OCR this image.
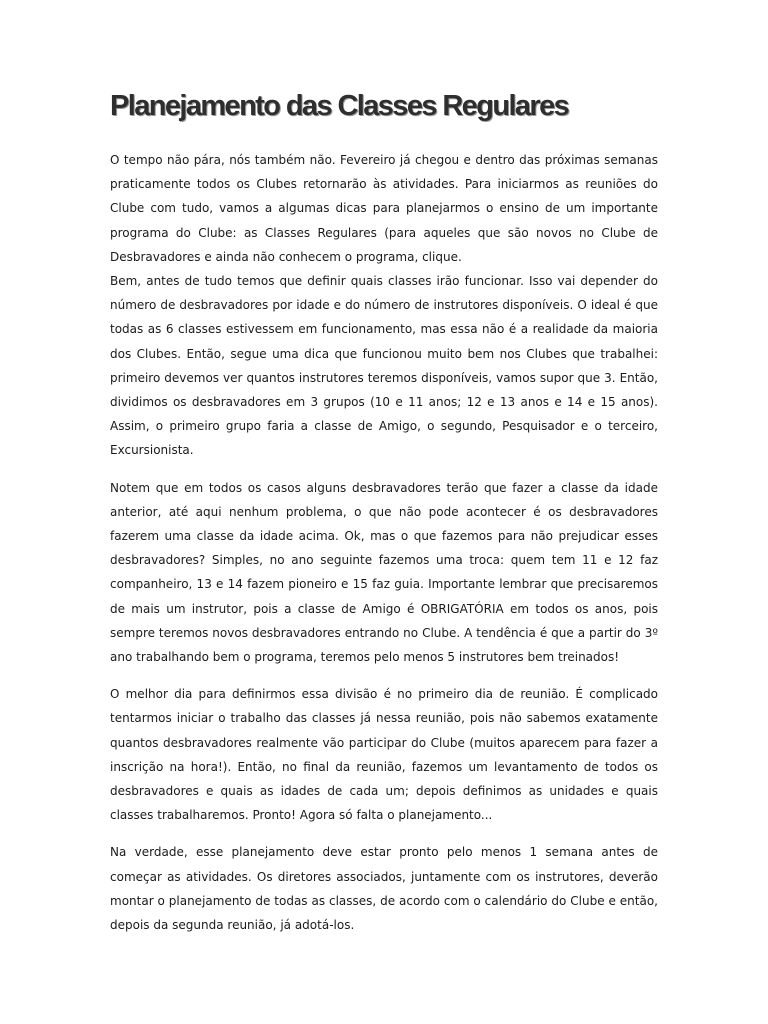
Planejamento das Classes Regulares

O tempo não pára, nós também não. Fevereiro já chegou e dentro das próximas semanas praticamente todos os Clubes retornarão às atividades. Para iniciarmos as reuniões do Clube com tudo, vamos a algumas dicas para planejarmos o ensino de um importante programa do Clube: as Classes Regulares (para aqueles que são novos no Clube de Desbravadores e ainda não conhecem o programa, clique.

Bem, antes de tudo temos que definir quais classes irão funcionar. Isso vai depender do número de desbravadores por idade e do número de instrutores disponíveis. O ideal é que todas as 6 classes estivessem em funcionamento, mas essa não é a realidade da maioria dos Clubes. Então, segue uma dica que funcionou muito bem nos Clubes que trabalhei: primeiro devemos ver quantos instrutores teremos disponíveis, vamos supor que 3. Então, dividimos os desbravadores em 3 grupos (10 e 11 anos; 12 e 13 anos e 14 e 15 anos). Assim, o primeiro grupo faria a classe de Amigo, o segundo, Pesquisador e o terceiro, Excursionista.

Notem que em todos os casos alguns desbravadores terão que fazer a classe da idade anterior, até aqui nenhum problema, o que não pode acontecer é os desbravadores fazerem uma classe da idade acima. Ok, mas o que fazemos para não prejudicar esses desbravadores? Simples, no ano seguinte fazemos uma troca: quem tem 11 e 12 faz companheiro, 13 e 14 fazem pioneiro e 15 faz guia. Importante lembrar que precisaremos de mais um instrutor, pois a classe de Amigo é OBRIGATÓRIA em todos os anos, pois sempre teremos novos desbravadores entrando no Clube. A tendência é que a partir do 3º ano trabalhando bem o programa, teremos pelo menos 5 instrutores bem treinados!

O melhor dia para definirmos essa divisão é no primeiro dia de reunião. É complicado tentarmos iniciar o trabalho das classes já nessa reunião, pois não sabemos exatamente quantos desbravadores realmente vão participar do Clube (muitos aparecem para fazer a inscrição na hora!). Então, no final da reunião, fazemos um levantamento de todos os desbravadores e quais as idades de cada um; depois definimos as unidades e quais classes trabalharemos. Pronto! Agora só falta o planejamento...

Na verdade, esse planejamento deve estar pronto pelo menos 1 semana antes de começar as atividades. Os diretores associados, juntamente com os instrutores, deverão montar o planejamento de todas as classes, de acordo com o calendário do Clube e então, depois da segunda reunião, já adotá-los.
